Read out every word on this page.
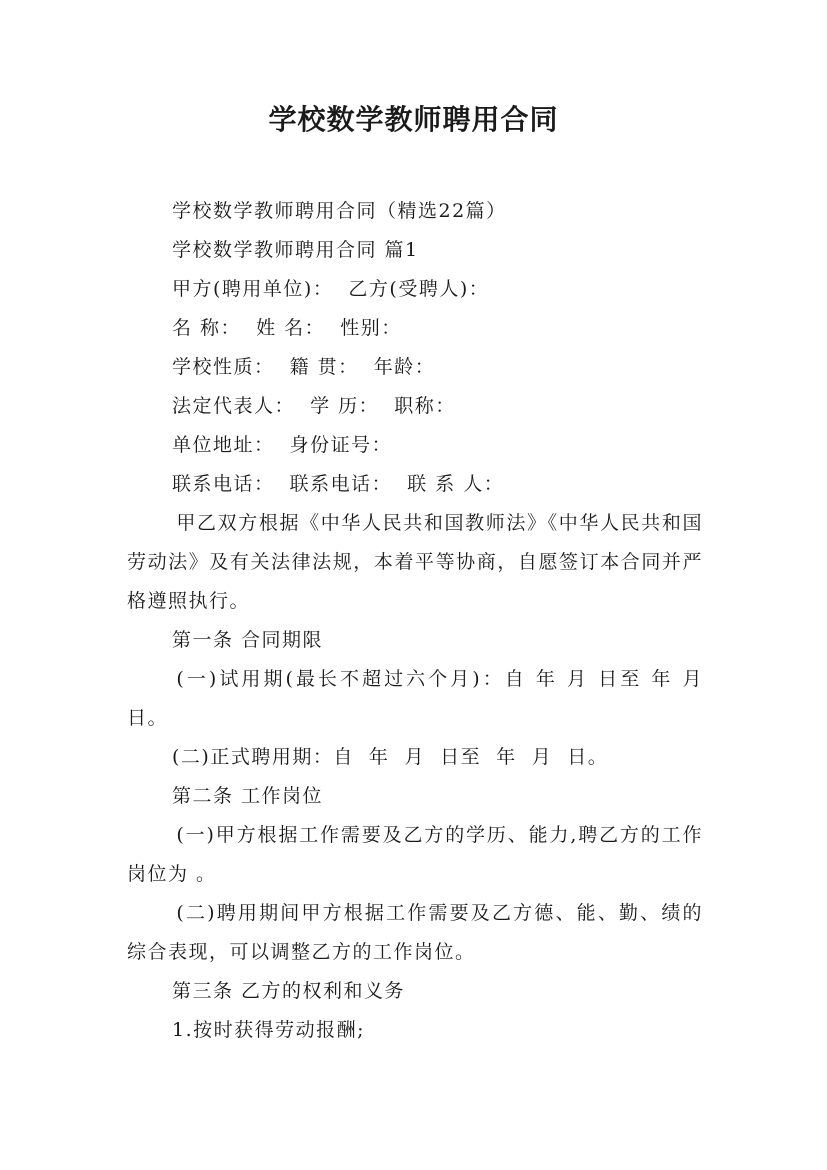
学校数学教师聘用合同

学校数学教师聘用合同（精选22篇）

学校数学教师聘用合同 篇1

甲方(聘用单位)：  乙方(受聘人)：

名 称：  姓 名：  性别：

学校性质：  籍 贯：  年龄：

法定代表人：  学 历：  职称：

单位地址：  身份证号：

联系电话：  联系电话：  联 系 人：

甲乙双方根据《中华人民共和国教师法》《中华人民共和国劳动法》及有关法律法规，本着平等协商，自愿签订本合同并严格遵照执行。

第一条 合同期限

(一)试用期(最长不超过六个月)：自 年 月 日至 年 月 日。

(二)正式聘用期：自  年  月  日至  年  月  日。

第二条 工作岗位

(一)甲方根据工作需要及乙方的学历、能力,聘乙方的工作岗位为 。

(二)聘用期间甲方根据工作需要及乙方德、能、勤、绩的综合表现，可以调整乙方的工作岗位。

第三条 乙方的权利和义务

1.按时获得劳动报酬;
